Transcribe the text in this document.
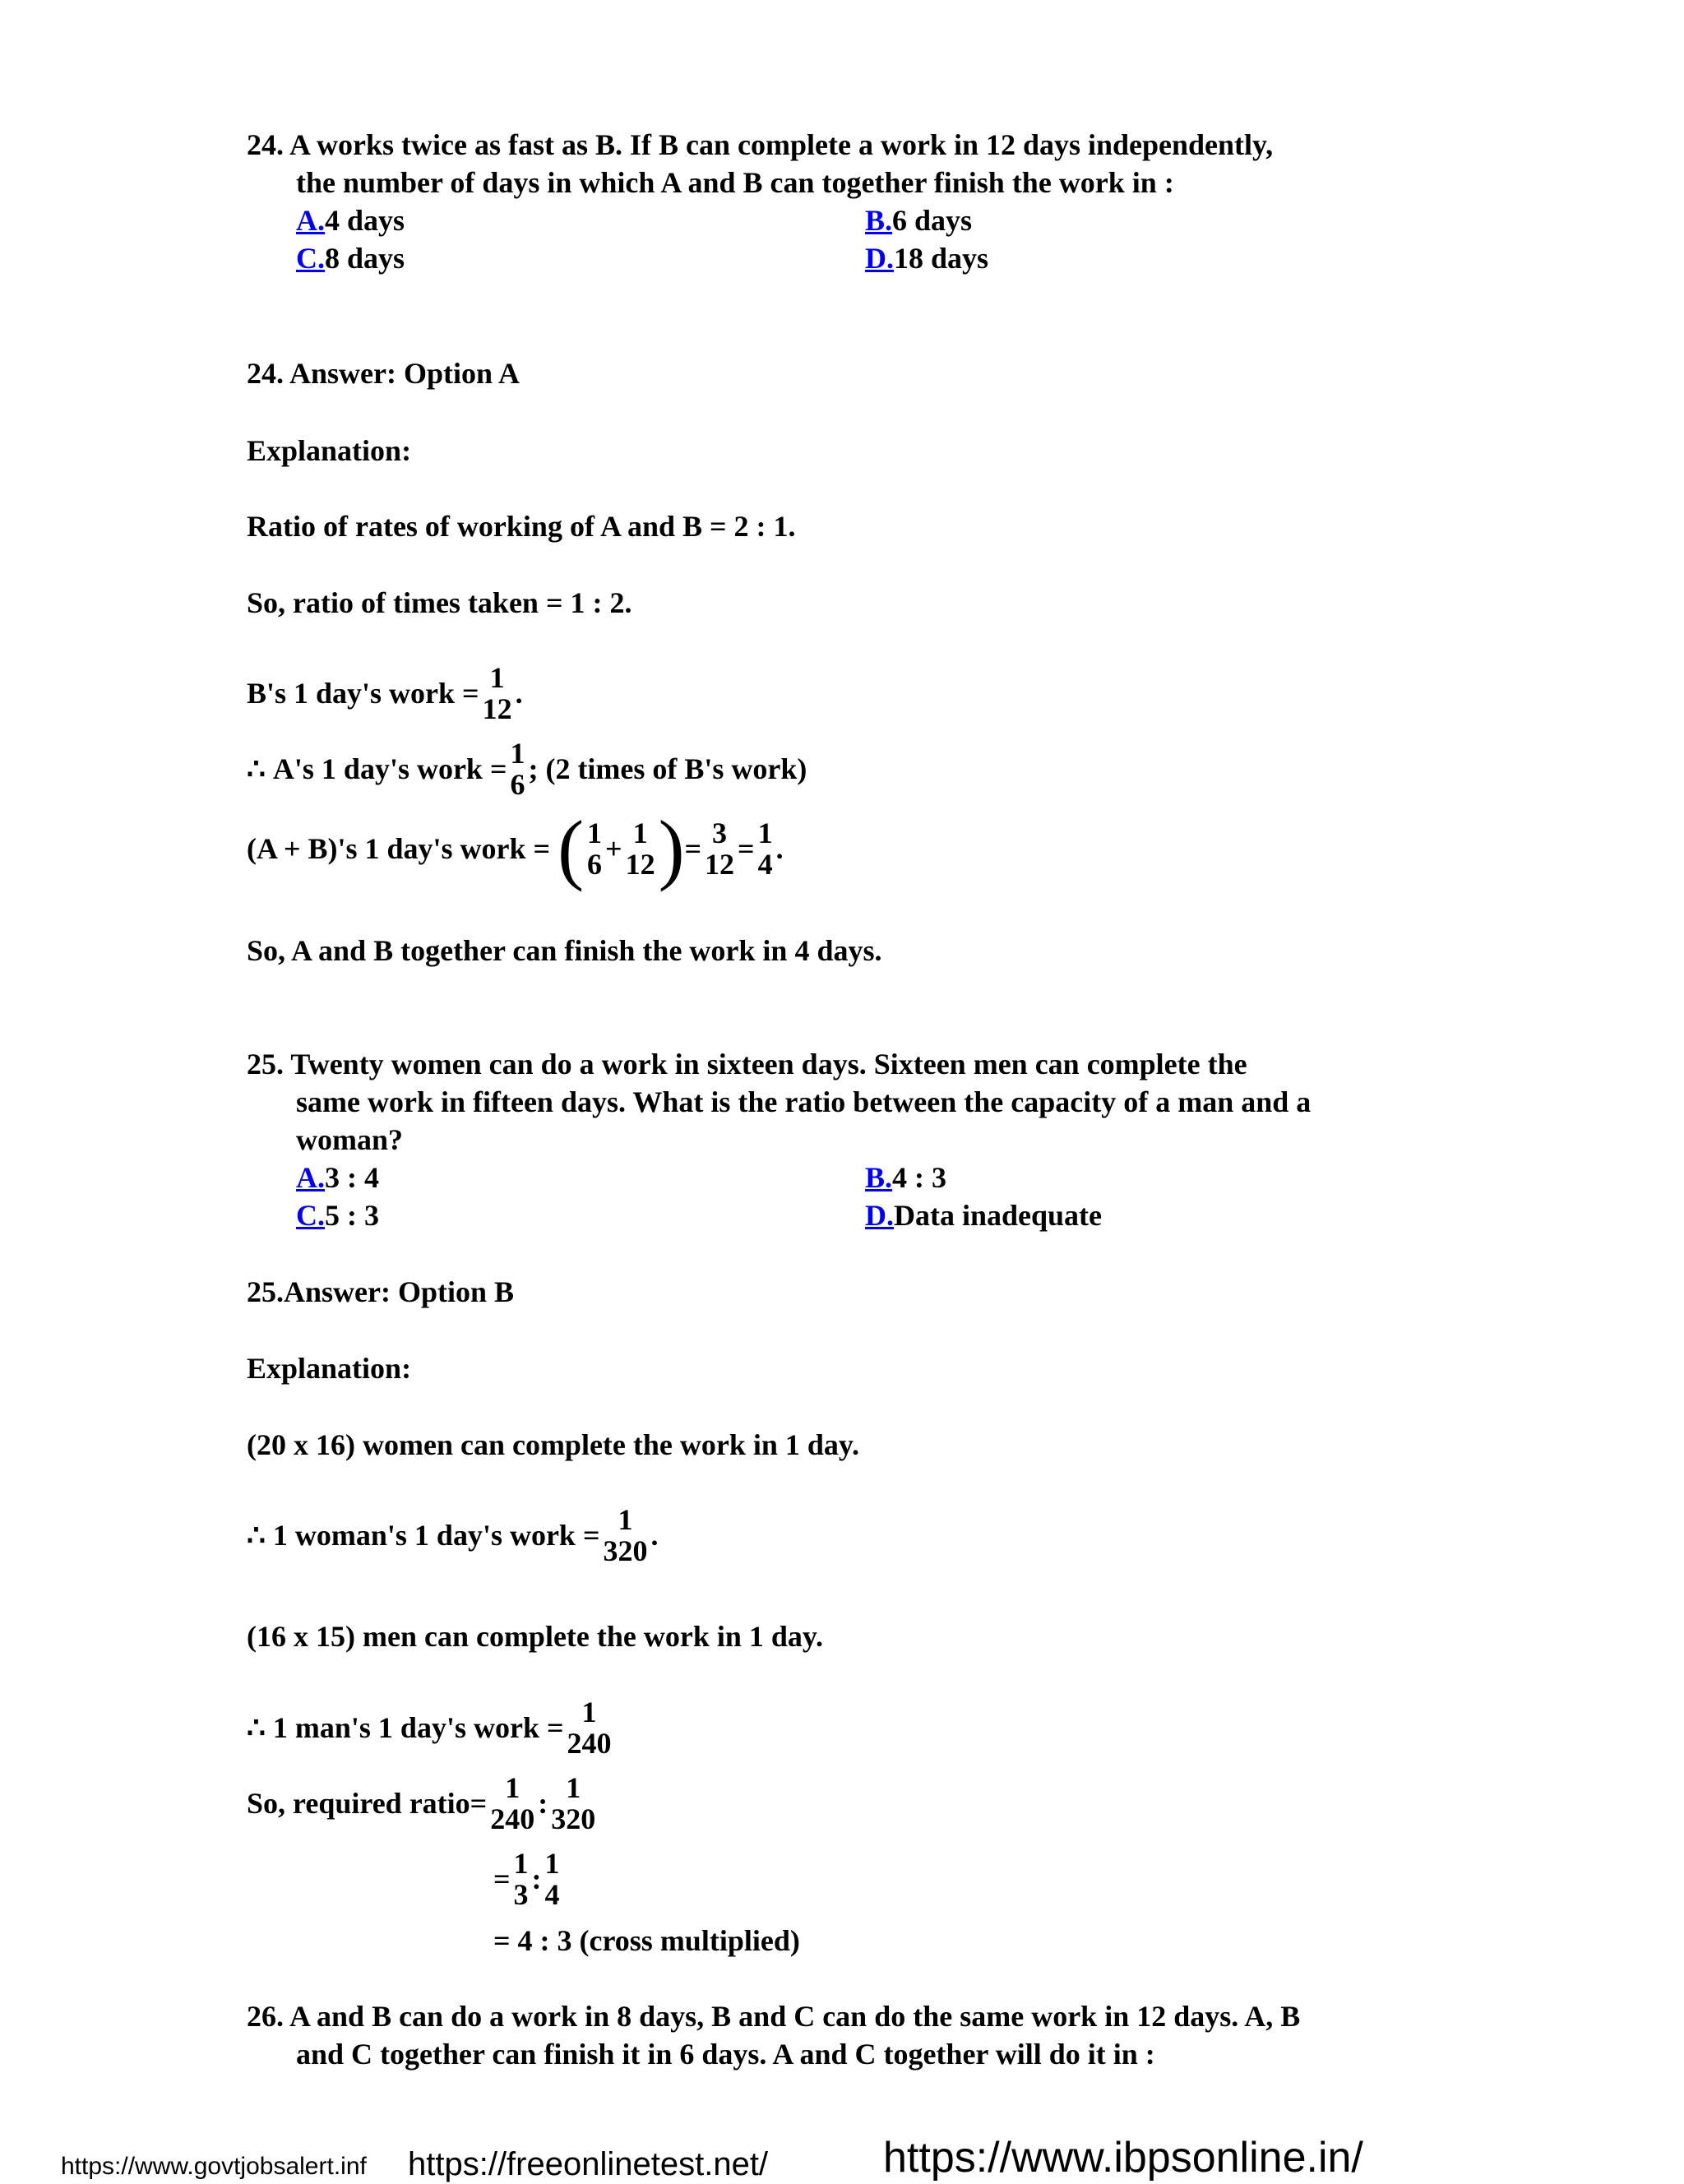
24. A works twice as fast as B. If B can complete a work in 12 days independently,
the number of days in which A and B can together finish the work in :
A.4 days	B.6 days
C.8 days	D.18 days
24. Answer: Option A
Explanation:
Ratio of rates of working of A and B = 2 : 1.
So, ratio of times taken = 1 : 2.
B's 1 day's work = 1
12 .
∴ A's 1 day's work = 1
6 ; (2 times of B's work)
(A + B)'s 1 day's work = ( 1
6 + 1
12 )= 3
12 = 1
4 .
So, A and B together can finish the work in 4 days.
25. Twenty women can do a work in sixteen days. Sixteen men can complete the
same work in fifteen days. What is the ratio between the capacity of a man and a
woman?
A.3 : 4	B.4 : 3
C.5 : 3	D.Data inadequate
25.Answer: Option B
Explanation:
(20 x 16) women can complete the work in 1 day.
∴ 1 woman's 1 day's work = 1
320 .
(16 x 15) men can complete the work in 1 day.
∴ 1 man's 1 day's work = 1
240
So, required ratio= 1
240 : 1
320
= 1
3 : 1
4
= 4 : 3 (cross multiplied)
26. A and B can do a work in 8 days, B and C can do the same work in 12 days. A, B
and C together can finish it in 6 days. A and C together will do it in :
https://www.govtjobsalert.inf	https://freeonlinetest.net/	https://www.ibpsonline.in/
